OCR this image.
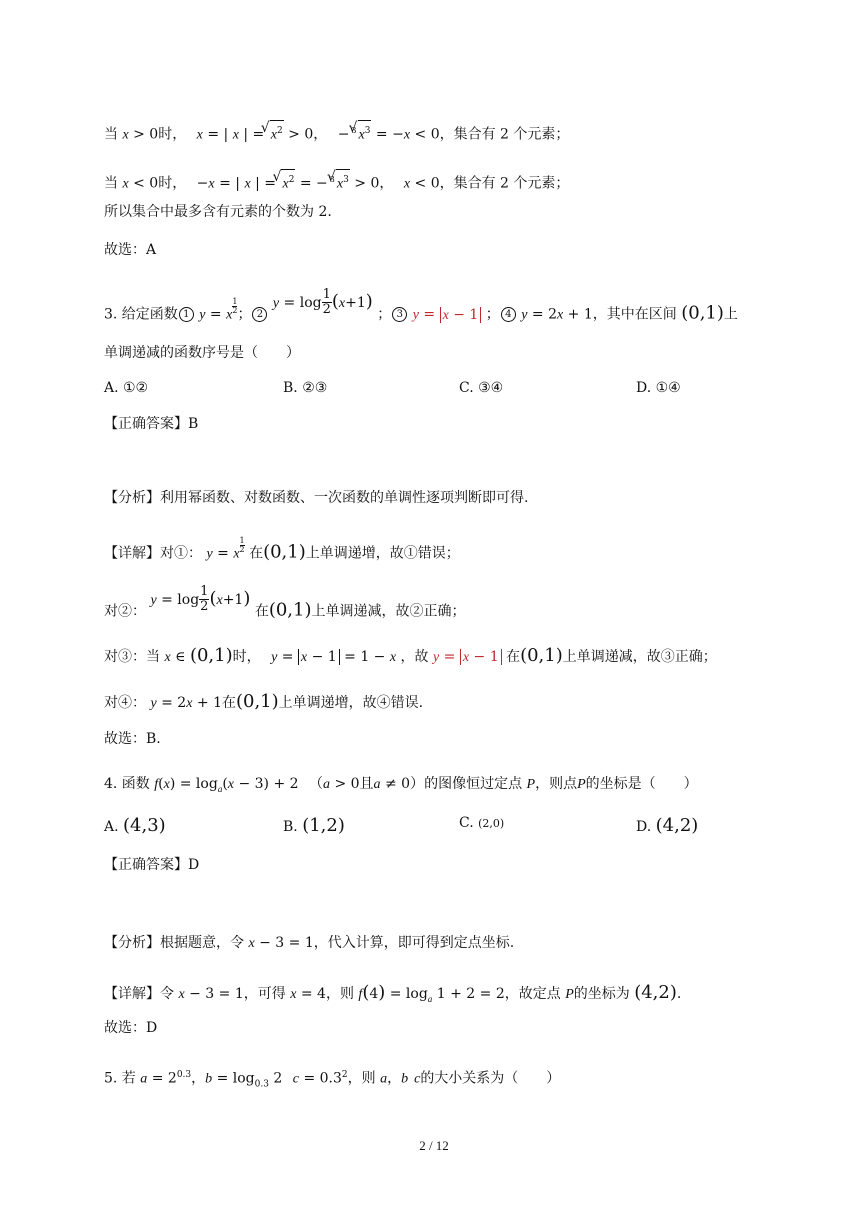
当 x > 0时， x = | x | = √ $x^2 > 0$， − $^3$ √ $x^3 = -x < 0$，集合有 2 个元素；
当 x < 0时， −x = | x | = √ $x^2$ = − $^3$ √ $x^3 > 0$， x < 0，集合有 2 个元素；
所以集合中最多含有元素的个数为 2.
故选：A
3. 给定函数 1 y = x
$\frac{1}{2}$ ； 2 $y = \log \frac{1}{2} (x+1)$ ； 3 y = x − 1 ； 4 y = 2x + 1，其中在区间 (0,1)上
单调递减的函数序号是（　　）
A. ①②	B. ②③	C. ③④	D. ①④
【正确答案】B
【分析】利用幂函数、对数函数、一次函数的单调性逐项判断即可得.
【详解】对①： y = x
$\frac{1}{2}$ 在(0,1)上单调递增，故①错误；
对②： $y = \log \frac{1}{2} (x+1)$ 在(0,1)上单调递减，故②正确；
对③：当 x ∈ (0,1)时， y = x − 1 = 1 − x ，故 y = x − 1 在(0,1)上单调递减，故③正确；
对④： y = 2x + 1在(0,1)上单调递增，故④错误.
故选：B.
4. 函数 $f(x) = \log_a(x - 3) + 2$ （a > 0且a ≠ 0）的图像恒过定点 P，则点P的坐标是（　　）
A. (4,3)	B. (1,2)	C. (2,0)	D. (4,2)
【正确答案】D
【分析】根据题意，令 x − 3 = 1，代入计算，即可得到定点坐标.
【详解】令 x − 3 = 1，可得 x = 4，则 $f(4) = \log_a 1 + 2 = 2$，故定点 P的坐标为 (4,2).
故选：D
5. 若 $a = 2^{0.3}$，$b = \log_{0.3} 2$ $c = 0.3^2$，则 a，b c的大小关系为（　　）
2 / 12
